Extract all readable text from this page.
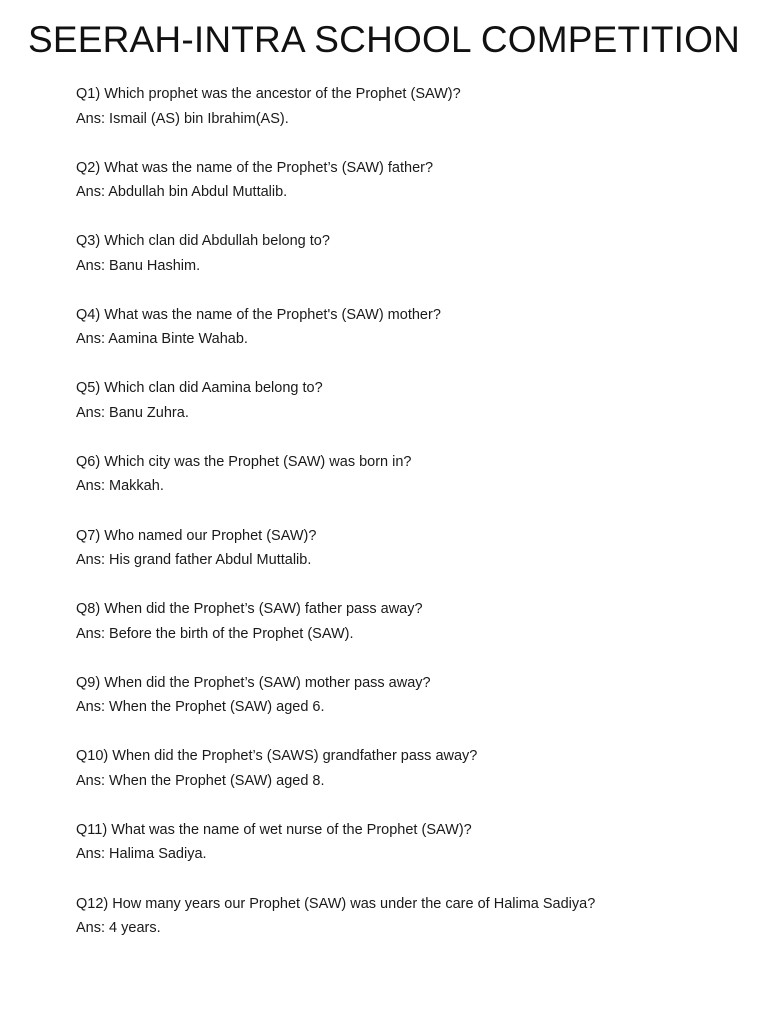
SEERAH-INTRA SCHOOL COMPETITION
Q1) Which prophet was the ancestor of the Prophet (SAW)?
Ans: Ismail (AS) bin Ibrahim(AS).
Q2) What was the name of the Prophet’s (SAW) father?
Ans: Abdullah bin Abdul Muttalib.
Q3) Which clan did Abdullah belong to?
Ans: Banu Hashim.
Q4) What was the name of the Prophet's (SAW) mother?
Ans: Aamina Binte Wahab.
Q5) Which clan did Aamina belong to?
Ans: Banu Zuhra.
Q6) Which city was the Prophet (SAW) was born in?
Ans: Makkah.
Q7) Who named our Prophet (SAW)?
Ans: His grand father Abdul Muttalib.
Q8) When did the Prophet’s (SAW) father pass away?
Ans: Before the birth of the Prophet (SAW).
Q9) When did the Prophet’s (SAW) mother pass away?
Ans: When the Prophet (SAW) aged 6.
Q10) When did the Prophet’s (SAWS) grandfather pass away?
Ans: When the Prophet (SAW) aged 8.
Q11) What was the name of wet nurse of the Prophet (SAW)?
Ans: Halima Sadiya.
Q12) How many years our Prophet (SAW) was under the care of Halima Sadiya?
Ans: 4 years.
